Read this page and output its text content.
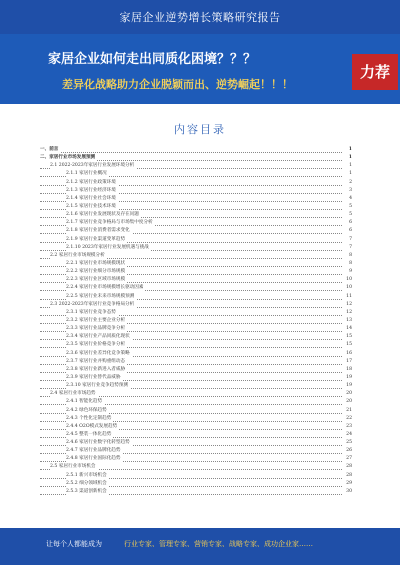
家居企业逆势增长策略研究报告
家居企业如何走出同质化困境？？？
差异化战略助力企业脱颖而出、逆势崛起！！！
力荐
内容目录
一、前言	1
二、家居行业市场发展预测	1
2.1 2022-2023年家居行业发展环境分析	1
2.1.1 家居行业概况	1
2.1.2 家居行业政策环境	2
2.1.3 家居行业经济环境	3
2.1.4 家居行业社会环境	4
2.1.5 家居行业技术环境	5
2.1.6 家居行业发展现状及存在问题	5
2.1.7 家居行业竞争格局与市场集中度分析	6
2.1.8 家居行业消费者需求变化	6
2.1.9 家居行业渠道变革趋势	7
2.1.10 2023年家居行业发展机遇与挑战	7
2.2 家居行业市场规模分析	8
2.2.1 家居行业市场规模现状	8
2.2.2 家居行业细分市场规模	9
2.2.3 家居行业区域市场规模	10
2.2.4 家居行业市场规模增长驱动因素	10
2.2.5 家居行业未来市场规模预测	11
2.3 2022-2023年家居行业竞争格局分析	12
2.3.1 家居行业竞争态势	12
2.3.2 家居行业主要企业分析	13
2.3.3 家居行业品牌竞争分析	14
2.3.4 家居行业产品同质化现状	15
2.3.5 家居行业价格竞争分析	15
2.3.6 家居行业差异化竞争策略	16
2.3.7 家居行业并购重组动态	17
2.3.8 家居行业新进入者威胁	18
2.3.9 家居行业替代品威胁	19
2.3.10 家居行业竞争趋势预测	19
2.4 家居行业市场趋势	20
2.4.1 智能化趋势	20
2.4.2 绿色环保趋势	21
2.4.3 个性化定制趋势	22
2.4.4 O2O模式发展趋势	23
2.4.5 整装一体化趋势	24
2.4.6 家居行业数字化转型趋势	25
2.4.7 家居行业品牌化趋势	26
2.4.8 家居行业国际化趋势	27
2.5 家居行业市场机会	28
2.5.1 新兴市场机会	28
2.5.2 细分领域机会	29
2.5.3 渠道创新机会	30
让每个人都能成为	行业专家、管理专家、营销专家、战略专家、成功企业家……
